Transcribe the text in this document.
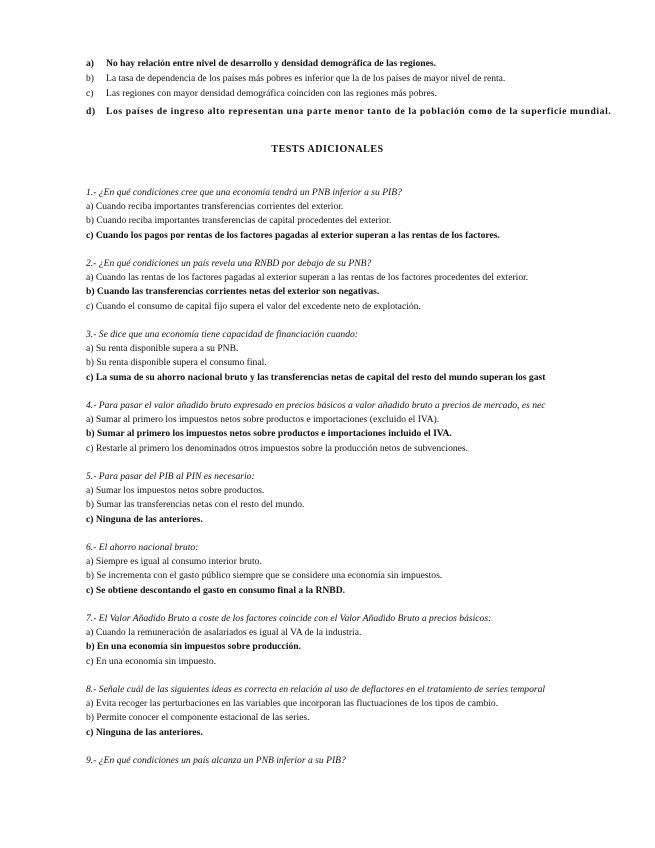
a) No hay relación entre nivel de desarrollo y densidad demográfica de las regiones.
b) La tasa de dependencia de los países más pobres es inferior que la de los países de mayor nivel de renta.
c) Las regiones con mayor densidad demográfica coinciden con las regiones más pobres.
d) Los países de ingreso alto representan una parte menor tanto de la población como de la superficie mundial.
TESTS ADICIONALES
1.- ¿En qué condiciones cree que una economía tendrá un PNB inferior a su PIB?
a) Cuando reciba importantes transferencias corrientes del exterior.
b) Cuando reciba importantes transferencias de capital procedentes del exterior.
c) Cuando los pagos por rentas de los factores pagadas al exterior superan a las rentas de los factores.
2.- ¿En qué condiciones un país revela una RNBD por debajo de su PNB?
a) Cuando las rentas de los factores pagadas al exterior superan a las rentas de los factores procedentes del exterior.
b) Cuando las transferencias corrientes netas del exterior son negativas.
c) Cuando el consumo de capital fijo supera el valor del excedente neto de explotación.
3.- Se dice que una economía tiene capacidad de financiación cuando:
a) Su renta disponible supera a su PNB.
b) Su renta disponible supera el consumo final.
c) La suma de su ahorro nacional bruto y las transferencias netas de capital del resto del mundo superan los gast
4.- Para pasar el valor añadido bruto expresado en precios básicos a valor añadido bruto a precios de mercado, es nec
a) Sumar al primero los impuestos netos sobre productos e importaciones (excluido el IVA).
b) Sumar al primero los impuestos netos sobre productos e importaciones incluido el IVA.
c) Restarle al primero los denominados otros impuestos sobre la producción netos de subvenciones.
5.- Para pasar del PIB al PIN es necesario:
a) Sumar los impuestos netos sobre productos.
b) Sumar las transferencias netas con el resto del mundo.
c) Ninguna de las anteriores.
6.- El ahorro nacional bruto:
a) Siempre es igual al consumo interior bruto.
b) Se incrementa con el gasto público siempre que se considere una economía sin impuestos.
c) Se obtiene descontando el gasto en consumo final a la RNBD.
7.- El Valor Añadido Bruto a coste de los factores coincide con el Valor Añadido Bruto a precios básicos:
a) Cuando la remuneración de asalariados es igual al VA de la industria.
b) En una economía sin impuestos sobre producción.
c) En una economía sin impuesto.
8.- Señale cuál de las siguientes ideas es correcta en relación al uso de deflactores en el tratamiento de series temporal
a) Evita recoger las perturbaciones en las variables que incorporan las fluctuaciones de los tipos de cambio.
b) Permite conocer el componente estacional de las series.
c) Ninguna de las anteriores.
9.- ¿En qué condiciones un país alcanza un PNB inferior a su PIB?
